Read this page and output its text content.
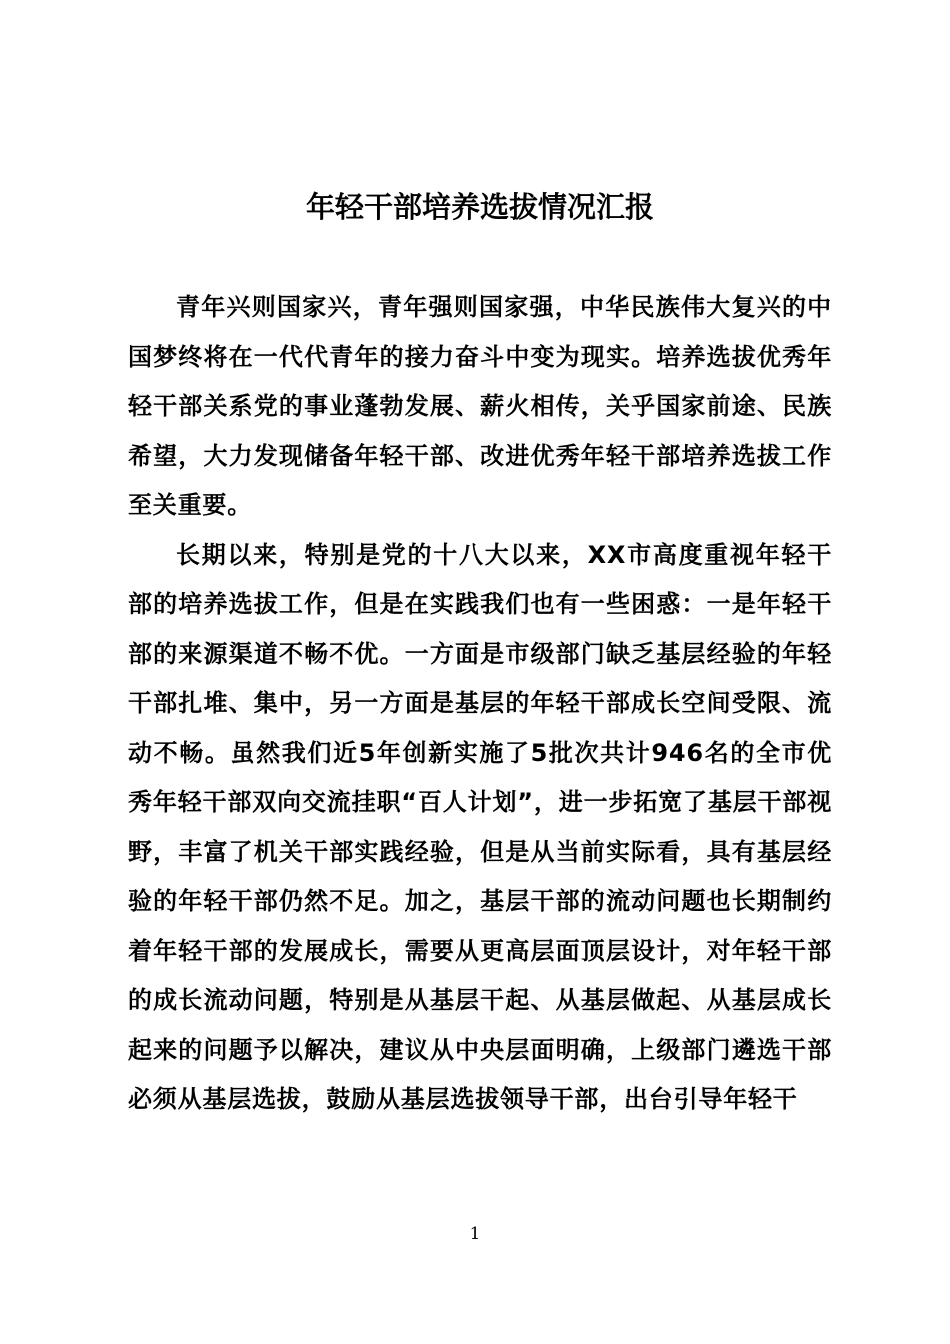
年轻干部培养选拔情况汇报

青年兴则国家兴，青年强则国家强，中华民族伟大复兴的中国梦终将在一代代青年的接力奋斗中变为现实。培养选拔优秀年轻干部关系党的事业蓬勃发展、薪火相传，关乎国家前途、民族希望，大力发现储备年轻干部、改进优秀年轻干部培养选拔工作至关重要。

长期以来，特别是党的十八大以来，XX市高度重视年轻干部的培养选拔工作，但是在实践我们也有一些困惑：一是年轻干部的来源渠道不畅不优。一方面是市级部门缺乏基层经验的年轻干部扎堆、集中，另一方面是基层的年轻干部成长空间受限、流动不畅。虽然我们近5年创新实施了5批次共计946名的全市优秀年轻干部双向交流挂职“百人计划”，进一步拓宽了基层干部视野，丰富了机关干部实践经验，但是从当前实际看，具有基层经验的年轻干部仍然不足。加之，基层干部的流动问题也长期制约着年轻干部的发展成长，需要从更高层面顶层设计，对年轻干部的成长流动问题，特别是从基层干起、从基层做起、从基层成长起来的问题予以解决，建议从中央层面明确，上级部门遴选干部必须从基层选拔，鼓励从基层选拔领导干部，出台引导年轻干

1
